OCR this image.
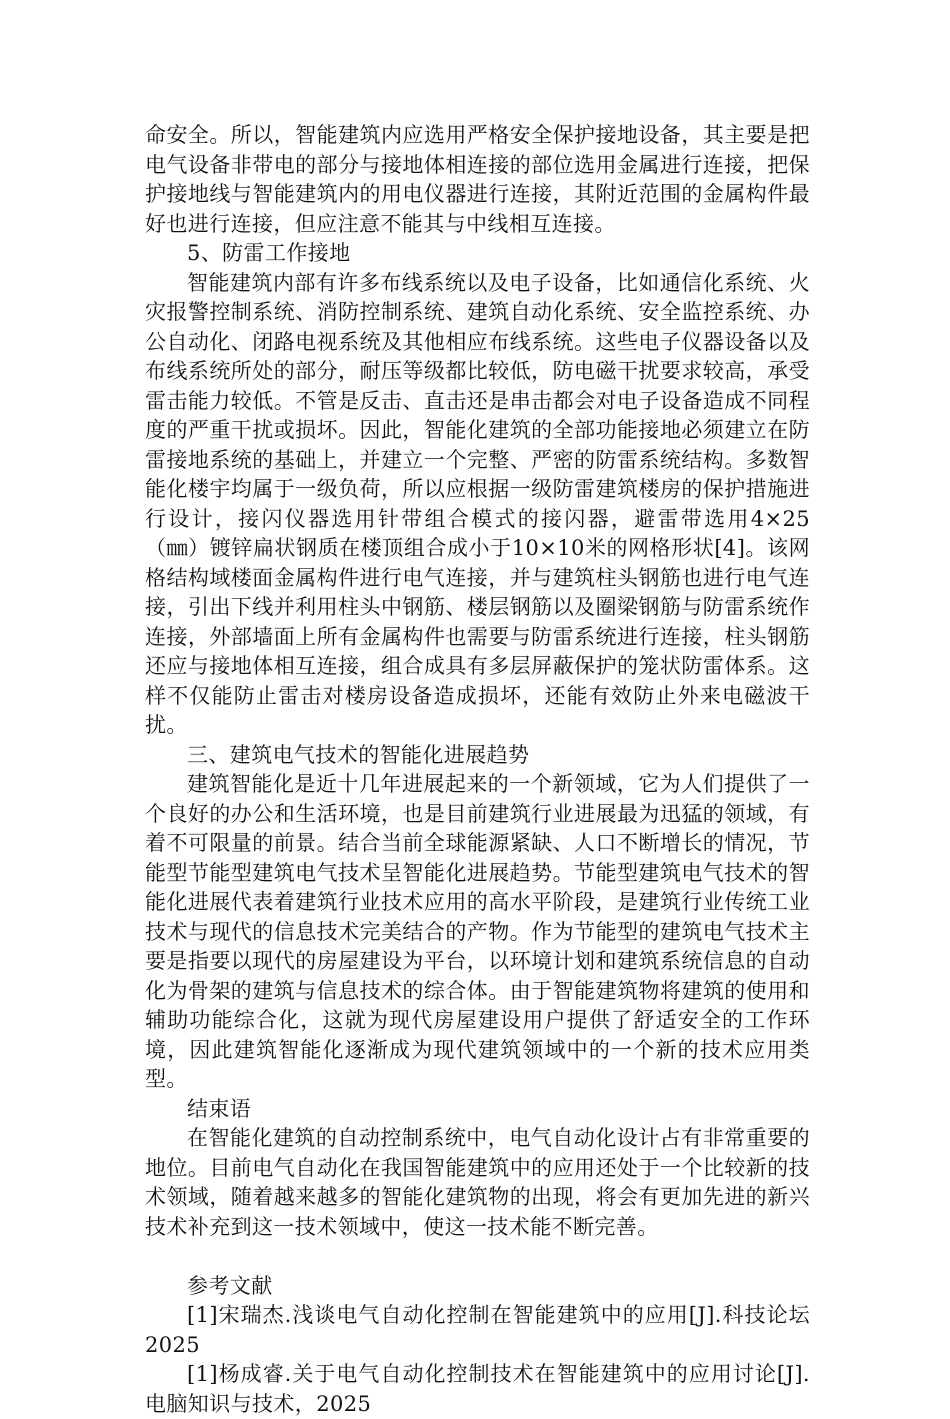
命安全。所以，智能建筑内应选用严格安全保护接地设备，其主要是把电气设备非带电的部分与接地体相连接的部位选用金属进行连接，把保护接地线与智能建筑内的用电仪器进行连接，其附近范围的金属构件最好也进行连接，但应注意不能其与中线相互连接。

5、防雷工作接地

智能建筑内部有许多布线系统以及电子设备，比如通信化系统、火灾报警控制系统、消防控制系统、建筑自动化系统、安全监控系统、办公自动化、闭路电视系统及其他相应布线系统。这些电子仪器设备以及布线系统所处的部分，耐压等级都比较低，防电磁干扰要求较高，承受雷击能力较低。不管是反击、直击还是串击都会对电子设备造成不同程度的严重干扰或损坏。因此，智能化建筑的全部功能接地必须建立在防雷接地系统的基础上，并建立一个完整、严密的防雷系统结构。多数智能化楼宇均属于一级负荷，所以应根据一级防雷建筑楼房的保护措施进行设计，接闪仪器选用针带组合模式的接闪器，避雷带选用4×25（㎜）镀锌扁状钢质在楼顶组合成小于10×10米的网格形状[4]。该网格结构域楼面金属构件进行电气连接，并与建筑柱头钢筋也进行电气连接，引出下线并利用柱头中钢筋、楼层钢筋以及圈梁钢筋与防雷系统作连接，外部墙面上所有金属构件也需要与防雷系统进行连接，柱头钢筋还应与接地体相互连接，组合成具有多层屏蔽保护的笼状防雷体系。这样不仅能防止雷击对楼房设备造成损坏，还能有效防止外来电磁波干扰。

三、建筑电气技术的智能化进展趋势

建筑智能化是近十几年进展起来的一个新领域，它为人们提供了一个良好的办公和生活环境，也是目前建筑行业进展最为迅猛的领域，有着不可限量的前景。结合当前全球能源紧缺、人口不断增长的情况，节能型节能型建筑电气技术呈智能化进展趋势。节能型建筑电气技术的智能化进展代表着建筑行业技术应用的高水平阶段，是建筑行业传统工业技术与现代的信息技术完美结合的产物。作为节能型的建筑电气技术主要是指要以现代的房屋建设为平台，以环境计划和建筑系统信息的自动化为骨架的建筑与信息技术的综合体。由于智能建筑物将建筑的使用和辅助功能综合化，这就为现代房屋建设用户提供了舒适安全的工作环境，因此建筑智能化逐渐成为现代建筑领域中的一个新的技术应用类型。

结束语

在智能化建筑的自动控制系统中，电气自动化设计占有非常重要的地位。目前电气自动化在我国智能建筑中的应用还处于一个比较新的技术领域，随着越来越多的智能化建筑物的出现，将会有更加先进的新兴技术补充到这一技术领域中，使这一技术能不断完善。

参考文献

[1]宋瑞杰.浅谈电气自动化控制在智能建筑中的应用[J].科技论坛2025

[1]杨成睿.关于电气自动化控制技术在智能建筑中的应用讨论[J].电脑知识与技术，2025
